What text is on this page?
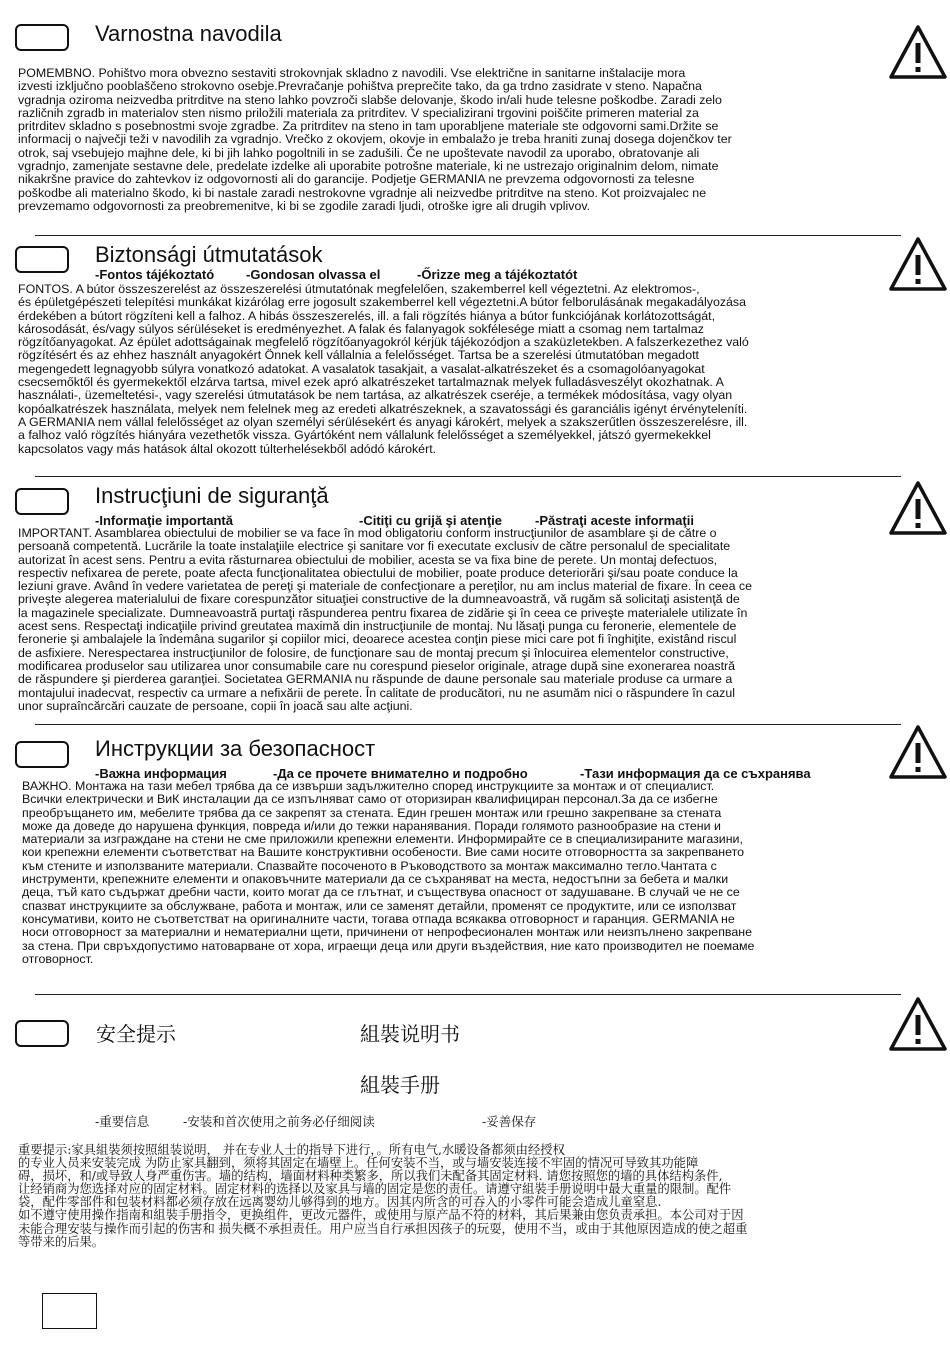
Varnostna navodila
POMEMBNO. Pohištvo mora obvezno sestaviti strokovnjak skladno z navodili. Vse električne in sanitarne inštalacije mora
izvesti izključno pooblaščeno strokovno osebje.Prevračanje pohištva preprečite tako, da ga trdno zasidrate v steno. Napačna
vgradnja oziroma neizvedba pritrditve na steno lahko povzroči slabše delovanje, škodo in/ali hude telesne poškodbe. Zaradi zelo
različnih zgradb in materialov sten nismo priložili materiala za pritrditev. V specializirani trgovini poiščite primeren material za
pritrditev skladno s posebnostmi svoje zgradbe. Za pritrditev na steno in tam uporabljene materiale ste odgovorni sami.Držite se
informacij o največji teži v navodilih za vgradnjo. Vrečko z okovjem, okovje in embalažo je treba hraniti zunaj dosega dojenčkov ter
otrok, saj vsebujejo majhne dele, ki bi jih lahko pogoltnili in se zadušili. Če ne upoštevate navodil za uporabo, obratovanje ali
vgradnjo, zamenjate sestavne dele, predelate izdelke ali uporabite potrošne materiale, ki ne ustrezajo originalnim delom, nimate
nikakršne pravice do zahtevkov iz odgovornosti ali do garancije. Podjetje GERMANIA ne prevzema odgovornosti za telesne
poškodbe ali materialno škodo, ki bi nastale zaradi nestrokovne vgradnje ali neizvedbe pritrditve na steno. Kot proizvajalec ne
prevzemamo odgovornosti za preobremenitve, ki bi se zgodile zaradi ljudi, otroške igre ali drugih vplivov.
Biztonsági útmutatások
-Fontos tájékoztató -Gondosan olvassa el	-Őrizze meg a tájékoztatót
FONTOS. A bútor összeszerelést az összeszerelési útmutatónak megfelelően, szakemberrel kell végeztetni. Az elektromos-,
és épületgépészeti telepítési munkákat kizárólag erre jogosult szakemberrel kell végeztetni.A bútor felborulásának megakadályozása
érdekében a bútort rögzíteni kell a falhoz. A hibás összeszerelés, ill. a fali rögzítés hiánya a bútor funkciójának korlátozottságát,
károsodását, és/vagy súlyos sérüléseket is eredményezhet. A falak és falanyagok sokfélesége miatt a csomag nem tartalmaz
rögzítőanyagokat. Az épület adottságainak megfelelő rögzítőanyagokról kérjük tájékozódjon a szaküzletekben. A falszerkezethez való
rögzítésért és az ehhez használt anyagokért Önnek kell vállalnia a felelősséget. Tartsa be a szerelési útmutatóban megadott
megengedett legnagyobb súlyra vonatkozó adatokat. A vasalatok tasakjait, a vasalat-alkatrészeket és a csomagolóanyagokat
csecsemőktől és gyermekektől elzárva tartsa, mivel ezek apró alkatrészeket tartalmaznak melyek fulladásveszélyt okozhatnak. A
használati-, üzemeltetési-, vagy szerelési útmutatások be nem tartása, az alkatrészek cseréje, a termékek módosítása, vagy olyan
kopóalkatrészek használata, melyek nem felelnek meg az eredeti alkatrészeknek, a szavatossági és garanciális igényt érvényteleníti.
A GERMANIA nem vállal felelősséget az olyan személyi sérülésekért és anyagi károkért, melyek a szakszerűtlen összeszerelésre, ill.
a falhoz való rögzítés hiányára vezethetők vissza. Gyártóként nem vállalunk felelősséget a személyekkel, játszó gyermekekkel
kapcsolatos vagy más hatások által okozott túlterhelésekből adódó károkért.
Instrucţiuni de siguranţă
-Informaţie importantă	-Citiţi cu grijă şi atenţie	-Păstraţi aceste informaţii
IMPORTANT. Asamblarea obiectului de mobilier se va face în mod obligatoriu conform instrucţiunilor de asamblare şi de către o
persoană competentă. Lucrările la toate instalaţiile electrice şi sanitare vor fi executate exclusiv de către personalul de specialitate
autorizat în acest sens. Pentru a evita răsturnarea obiectului de mobilier, acesta se va fixa bine de perete. Un montaj defectuos,
respectiv nefixarea de perete, poate afecta funcţionalitatea obiectului de mobilier, poate produce deteriorări şi/sau poate conduce la
leziuni grave. Având în vedere varietatea de pereţi şi materiale de confecţionare a pereţilor, nu am inclus material de fixare. În ceea ce
priveşte alegerea materialului de fixare corespunzător situaţiei constructive de la dumneavoastră, vă rugăm să solicitaţi asistenţă de
la magazinele specializate. Dumneavoastră purtaţi răspunderea pentru fixarea de zidărie şi în ceea ce priveşte materialele utilizate în
acest sens. Respectaţi indicaţiile privind greutatea maximă din instrucţiunile de montaj. Nu lăsaţi punga cu feronerie, elementele de
feronerie şi ambalajele la îndemâna sugarilor şi copiilor mici, deoarece acestea conţin piese mici care pot fi înghiţite, existând riscul
de asfixiere. Nerespectarea instrucţiunilor de folosire, de funcţionare sau de montaj precum şi înlocuirea elementelor constructive,
modificarea produselor sau utilizarea unor consumabile care nu corespund pieselor originale, atrage după sine exonerarea noastră
de răspundere şi pierderea garanţiei. Societatea GERMANIA nu răspunde de daune personale sau materiale produse ca urmare a
montajului inadecvat, respectiv ca urmare a nefixării de perete. În calitate de producători, nu ne asumăm nici o răspundere în cazul
unor supraîncărcări cauzate de persoane, copii în joacă sau alte acţiuni.
Инструкции за безопасност
-Важна информация	-Да се прочете внимателно и подробно	-Тази информация да се съхранява
ВАЖНО. Монтажа на тази мебел трябва да се извърши задължително според инструкциите за монтаж и от специалист.
Всички електрически и ВиК инсталации да се изпълняват само от оторизиран квалифициран персонал.За да се избегне
преобръщането им, мебелите трябва да се закрепят за стената. Един грешен монтаж или грешно закрепване за стената
може да доведе до нарушена функция, повреда и/или до тежки наранявания. Поради голямото разнообразие на стени и
материали за изграждане на стени не сме приложили крепежни елементи. Информирайте се в специализираните магазини,
кои крепежни елементи съответстват на Вашите конструктивни особености. Вие сами носите отговорността за закрепването
към стените и използваните материали. Спазвайте посоченото в Ръководството за монтаж максимално тегло.Чантата с
инструменти, крепежните елементи и опаковъчните материали да се съхраняват на места, недостъпни за бебета и малки
деца, тъй като съдържат дребни части, които могат да се глътнат, и съществува опасност от задушаване. В случай че не се
спазват инструкциите за обслужване, работа и монтаж, или се заменят детайли, променят се продуктите, или се използват
консумативи, които не съответстват на оригиналните части, тогава отпада всякаква отговорност и гаранция. GERMANIA не
носи отговорност за материални и нематериални щети, причинени от непрофесионален монтаж или неизпълнено закрепване
за стена. При свръхдопустимо натоварване от хора, играещи деца или други въздействия, ние като производител не поемаме
отговорност.
安全提示	組裝说明书
組裝手册
-重要信息	-安装和首次使用之前务必仔细阅读	-妥善保存
重要提示:家具組裝须按照組装说明， 并在专业人士的指导下进行，。所有电气,水暖设备都须由经授权
的专业人员来安装完成 为防止家具翻到，须将其固定在墙壁上。任何安装不当，或与墙安装连接不牢固的情况可导致其功能障
碍，损坏，和/或导致人身严重伤害。墙的结构，墙面材料种类繁多，所以我们未配备其固定材料. 请您按照您的墙的具体结构条件,
让经销商为您选择对应的固定材料。固定材料的选择以及家具与墙的固定是您的责任。请遵守組裝手册说明中最大重量的限制。配件
袋，配件零部件和包装材料都必须存放在远离婴幼儿够得到的地方。因其内所含的可吞入的小零件可能会造成儿童窒息.
如不遵守使用操作指南和組裝手册指令，更换组件，更改元器件，或使用与原产品不符的材料，其后果兼由您负责承担。本公司对于因
未能合理安装与操作而引起的伤害和 损失概不承担责任。用户应当自行承担因孩子的玩耍，使用不当，或由于其他原因造成的使之超重
等带来的后果。
